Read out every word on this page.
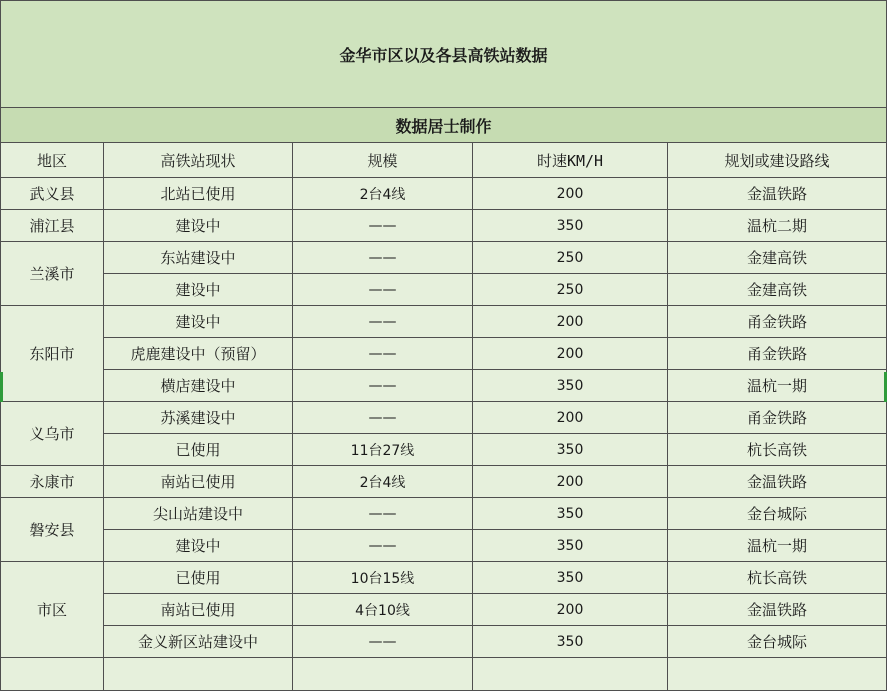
金华市区以及各县高铁站数据				
数据居士制作				
地区	高铁站现状	规模	时速KM/H	规划或建设路线
武义县	北站已使用	2台4线	200	金温铁路
浦江县	建设中	——	350	温杭二期
兰溪市	东站建设中	——	250	金建高铁
	建设中	——	250	金建高铁
东阳市	建设中	——	200	甬金铁路
	虎鹿建设中（预留）	——	200	甬金铁路
	横店建设中	——	350	温杭一期
义乌市	苏溪建设中	——	200	甬金铁路
	已使用	11台27线	350	杭长高铁
永康市	南站已使用	2台4线	200	金温铁路
磐安县	尖山站建设中	——	350	金台城际
	建设中	——	350	温杭一期
市区	已使用	10台15线	350	杭长高铁
	南站已使用	4台10线	200	金温铁路
	金义新区站建设中	——	350	金台城际
